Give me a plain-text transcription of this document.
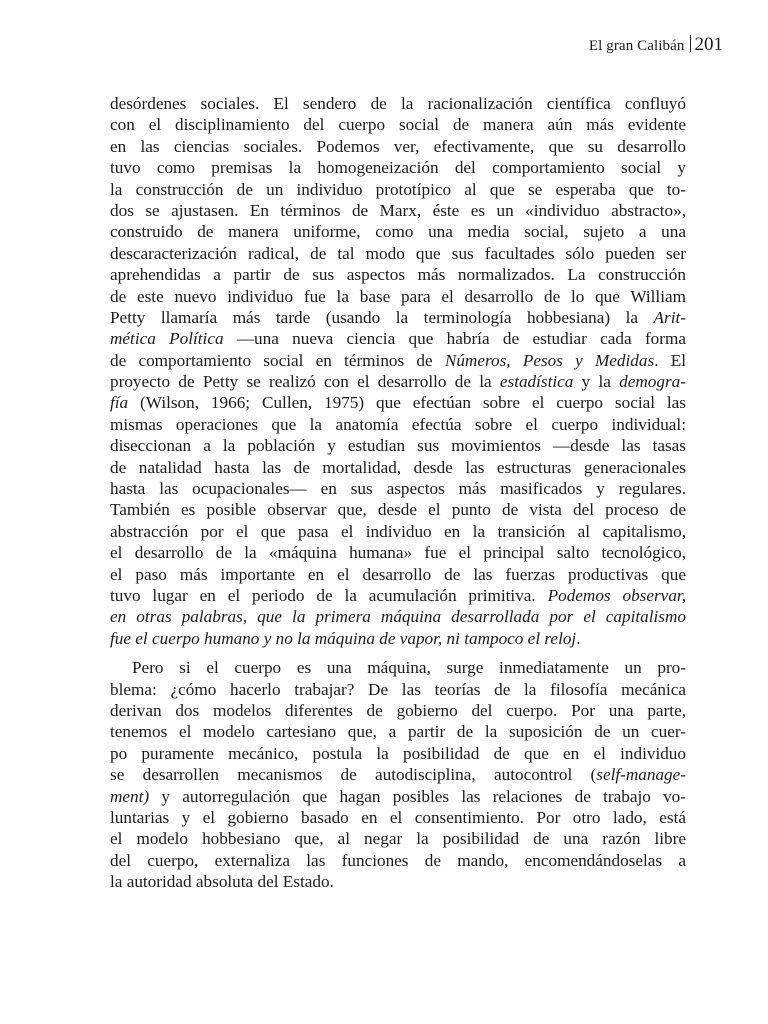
El gran Calibán 201

desórdenes sociales. El sendero de la racionalización científica confluyó
con el disciplinamiento del cuerpo social de manera aún más evidente
en las ciencias sociales. Podemos ver, efectivamente, que su desarrollo
tuvo como premisas la homogeneización del comportamiento social y
la construcción de un individuo prototípico al que se esperaba que to-
dos se ajustasen. En términos de Marx, éste es un «individuo abstracto»,
construido de manera uniforme, como una media social, sujeto a una
descaracterización radical, de tal modo que sus facultades sólo pueden ser
aprehendidas a partir de sus aspectos más normalizados. La construcción
de este nuevo individuo fue la base para el desarrollo de lo que William
Petty llamaría más tarde (usando la terminología hobbesiana) la Arit-
mética Política —una nueva ciencia que habría de estudiar cada forma
de comportamiento social en términos de Números, Pesos y Medidas. El
proyecto de Petty se realizó con el desarrollo de la estadística y la demogra-
fía (Wilson, 1966; Cullen, 1975) que efectúan sobre el cuerpo social las
mismas operaciones que la anatomía efectúa sobre el cuerpo individual:
diseccionan a la población y estudian sus movimientos —desde las tasas
de natalidad hasta las de mortalidad, desde las estructuras generacionales
hasta las ocupacionales— en sus aspectos más masificados y regulares.
También es posible observar que, desde el punto de vista del proceso de
abstracción por el que pasa el individuo en la transición al capitalismo,
el desarrollo de la «máquina humana» fue el principal salto tecnológico,
el paso más importante en el desarrollo de las fuerzas productivas que
tuvo lugar en el periodo de la acumulación primitiva. Podemos observar,
en otras palabras, que la primera máquina desarrollada por el capitalismo
fue el cuerpo humano y no la máquina de vapor, ni tampoco el reloj.

Pero si el cuerpo es una máquina, surge inmediatamente un pro-
blema: ¿cómo hacerlo trabajar? De las teorías de la filosofía mecánica
derivan dos modelos diferentes de gobierno del cuerpo. Por una parte,
tenemos el modelo cartesiano que, a partir de la suposición de un cuer-
po puramente mecánico, postula la posibilidad de que en el individuo
se desarrollen mecanismos de autodisciplina, autocontrol (self-manage-
ment) y autorregulación que hagan posibles las relaciones de trabajo vo-
luntarias y el gobierno basado en el consentimiento. Por otro lado, está
el modelo hobbesiano que, al negar la posibilidad de una razón libre
del cuerpo, externaliza las funciones de mando, encomendándoselas a
la autoridad absoluta del Estado.
